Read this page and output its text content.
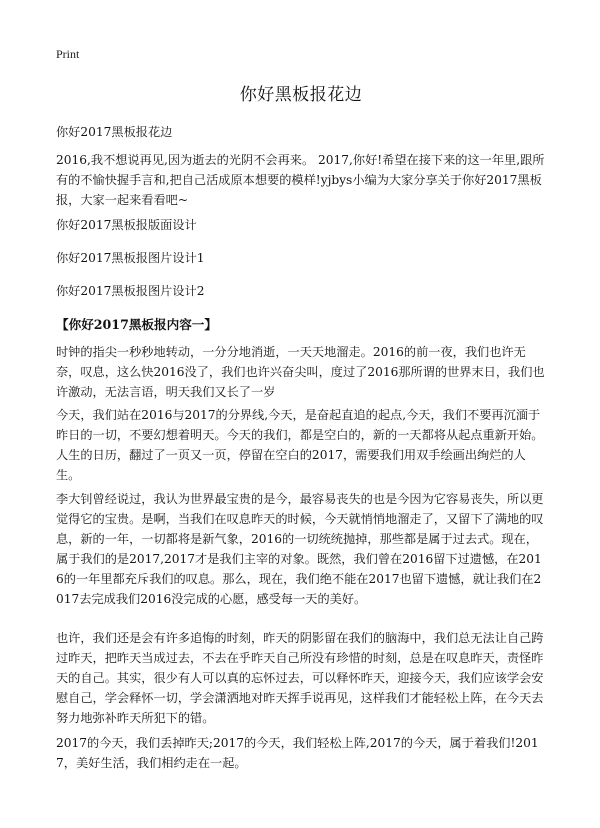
Print
你好黑板报花边

你好2017黑板报花边

2016,我不想说再见,因为逝去的光阴不会再来。 2017,你好!希望在接下来的这一年里,跟所有的不愉快握手言和,把自己活成原本想要的模样!yjbys小编为大家分享关于你好2017黑板报，大家一起来看看吧~

你好2017黑板报版面设计

你好2017黑板报图片设计1

你好2017黑板报图片设计2

【你好2017黑板报内容一】

时钟的指尖一秒秒地转动，一分分地消逝，一天天地溜走。2016的前一夜，我们也许无奈，叹息，这么快2016没了，我们也许兴奋尖叫，度过了2016那所谓的世界末日，我们也许激动，无法言语，明天我们又长了一岁

今天，我们站在2016与2017的分界线,今天，是奋起直追的起点,今天，我们不要再沉湎于昨日的一切，不要幻想着明天。今天的我们，都是空白的，新的一天都将从起点重新开始。人生的日历，翻过了一页又一页，停留在空白的2017，需要我们用双手绘画出绚烂的人生。

李大钊曾经说过，我认为世界最宝贵的是今，最容易丧失的也是今因为它容易丧失，所以更觉得它的宝贵。是啊，当我们在叹息昨天的时候，今天就悄悄地溜走了，又留下了满地的叹息，新的一年，一切都将是新气象，2016的一切统统抛掉，那些都是属于过去式。现在，属于我们的是2017,2017才是我们主宰的对象。既然，我们曾在2016留下过遗憾，在2016的一年里都充斥我们的叹息。那么，现在，我们绝不能在2017也留下遗憾，就让我们在2017去完成我们2016没完成的心愿，感受每一天的美好。

也许，我们还是会有许多追悔的时刻，昨天的阴影留在我们的脑海中，我们总无法让自己跨过昨天，把昨天当成过去，不去在乎昨天自己所没有珍惜的时刻，总是在叹息昨天，责怪昨天的自己。其实，很少有人可以真的忘怀过去，可以释怀昨天，迎接今天，我们应该学会安慰自己，学会释怀一切，学会潇洒地对昨天挥手说再见，这样我们才能轻松上阵，在今天去努力地弥补昨天所犯下的错。

2017的今天，我们丢掉昨天;2017的今天，我们轻松上阵,2017的今天，属于着我们!2017，美好生活，我们相约走在一起。
